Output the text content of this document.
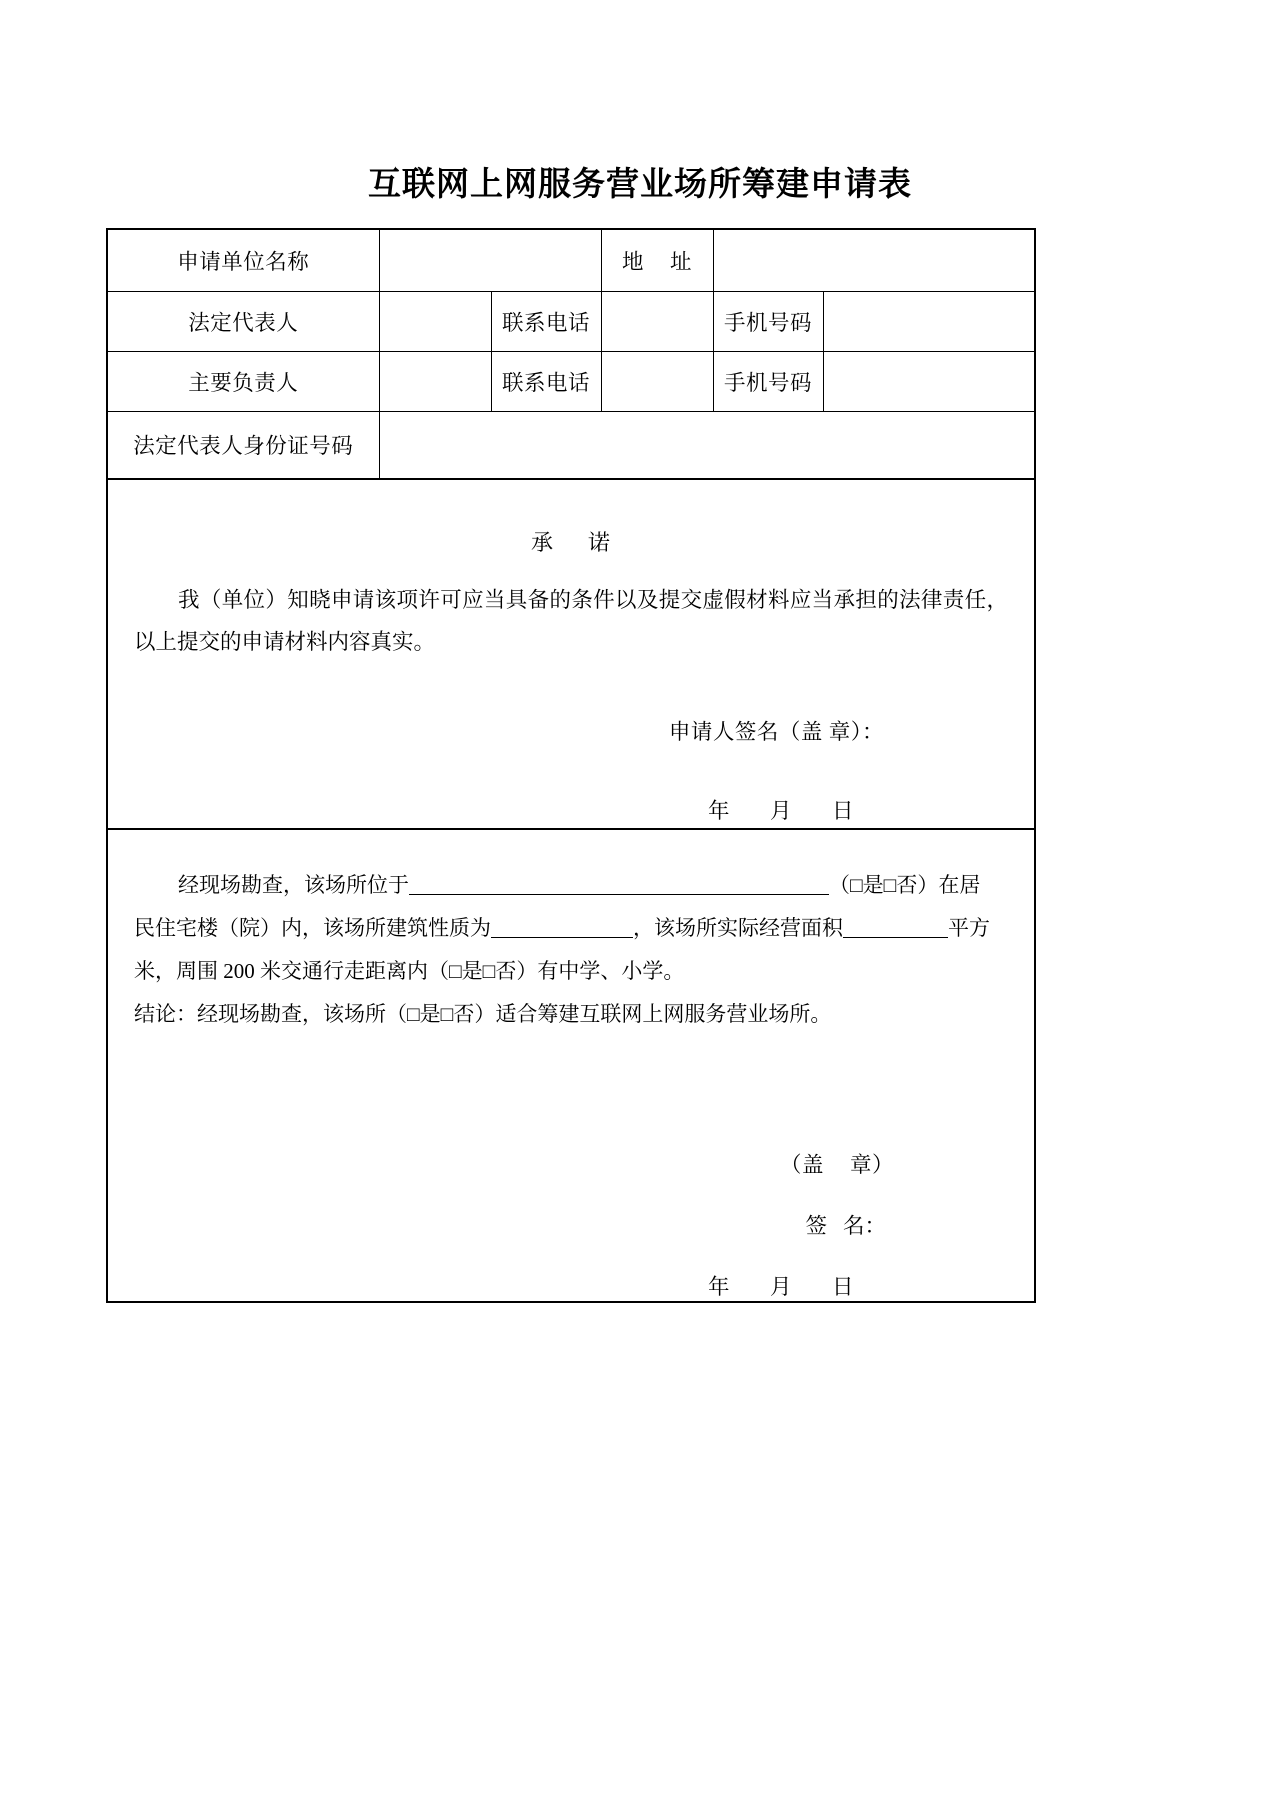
互联网上网服务营业场所筹建申请表
申请单位名称			地 址		
法定代表人		联系电话		手机号码	
主要负责人		联系电话		手机号码	
法定代表人身份证号码					

承 诺
我（单位）知晓申请该项许可应当具备的条件以及提交虚假材料应当承担的法律责任，以上提交的申请材料内容真实。
申请人签名（盖 章）：
年 月 日					

经现场勘查，该场所位于	（□是□否）在居
民住宅楼（院）内，该场所建筑性质为	，该场所实际经营面积	平方
米，周围 200 米交通行走距离内（□是□否）有中学、小学。
结论：经现场勘查，该场所（□是□否）适合筹建互联网上网服务营业场所。
（盖 章）
签 名：
年 月 日
